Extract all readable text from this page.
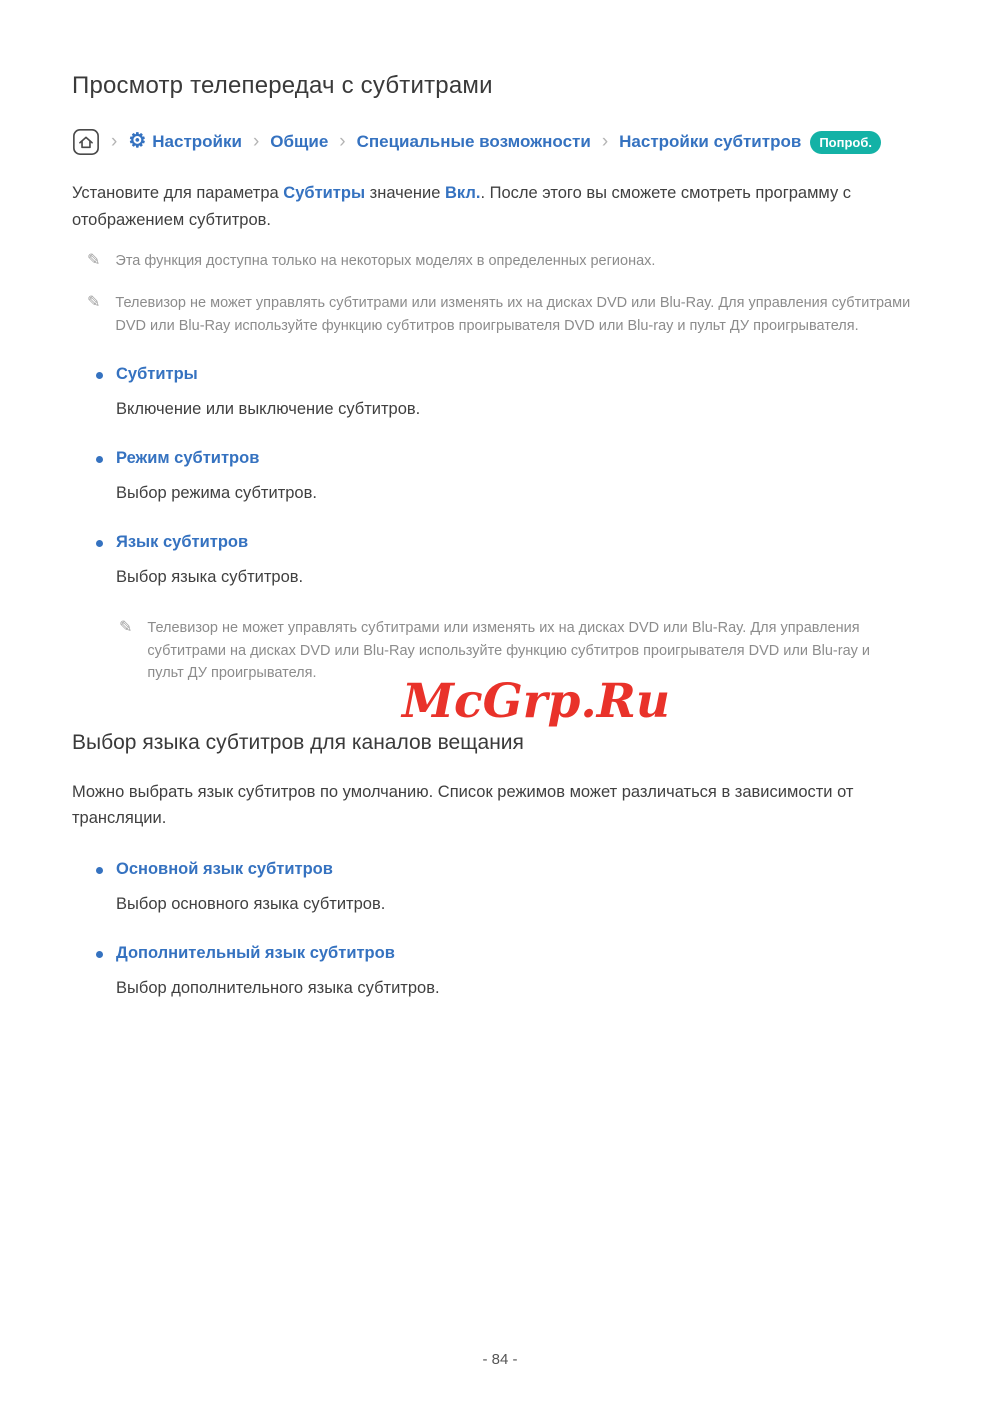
Просмотр телепередач с субтитрами
› ⚙ Настройки › Общие › Специальные возможности › Настройки субтитров	Попроб.

Установите для параметра Субтитры значение Вкл.. После этого вы сможете смотреть программу с отображением субтитров.

✎ Эта функция доступна только на некоторых моделях в определенных регионах.
✎ Телевизор не может управлять субтитрами или изменять их на дисках DVD или Blu-Ray. Для управления субтитрами DVD или Blu-Ray используйте функцию субтитров проигрывателя DVD или Blu-ray и пульт ДУ проигрывателя.
Субтитры
Включение или выключение субтитров.
Режим субтитров
Выбор режима субтитров.
Язык субтитров
Выбор языка субтитров.
✎ Телевизор не может управлять субтитрами или изменять их на дисках DVD или Blu-Ray. Для управления субтитрами на дисках DVD или Blu-Ray используйте функцию субтитров проигрывателя DVD или Blu-ray и пульт ДУ проигрывателя.
Выбор языка субтитров для каналов вещания

Можно выбрать язык субтитров по умолчанию. Список режимов может различаться в зависимости от трансляции.

Основной язык субтитров
Выбор основного языка субтитров.
Дополнительный язык субтитров
Выбор дополнительного языка субтитров.
McGrp.Ru
- 84 -
